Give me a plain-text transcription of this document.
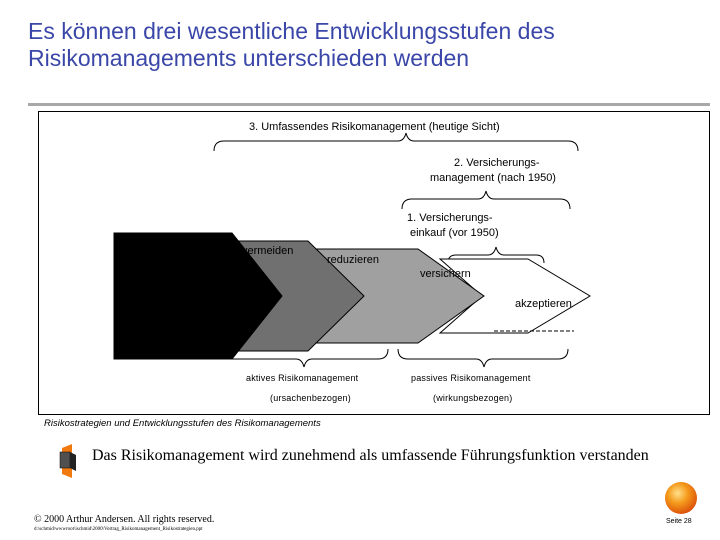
Es können drei wesentliche Entwicklungsstufen des
Risikomanagements unterschieden werden
3. Umfassendes Risikomanagement (heutige Sicht)
2. Versicherungs-
management (nach 1950)
1. Versicherungs-
einkauf (vor 1950)
Risikostrategie:
Risiken
vermeiden
reduzieren
versichern
akzeptieren
aktives Risikomanagement
(ursachenbezogen)
passives Risikomanagement
(wirkungsbezogen)
Risikostrategien und Entwicklungsstufen des Risikomanagements
Das Risikomanagement wird zunehmend als umfassende Führungsfunktion verstanden
© 2000 Arthur Andersen. All rights reserved.
d:\schmid\wwwroot\ischmid\2000\Vortrag_Risikomanagement_Risikostrategien.ppt
Seite 28
